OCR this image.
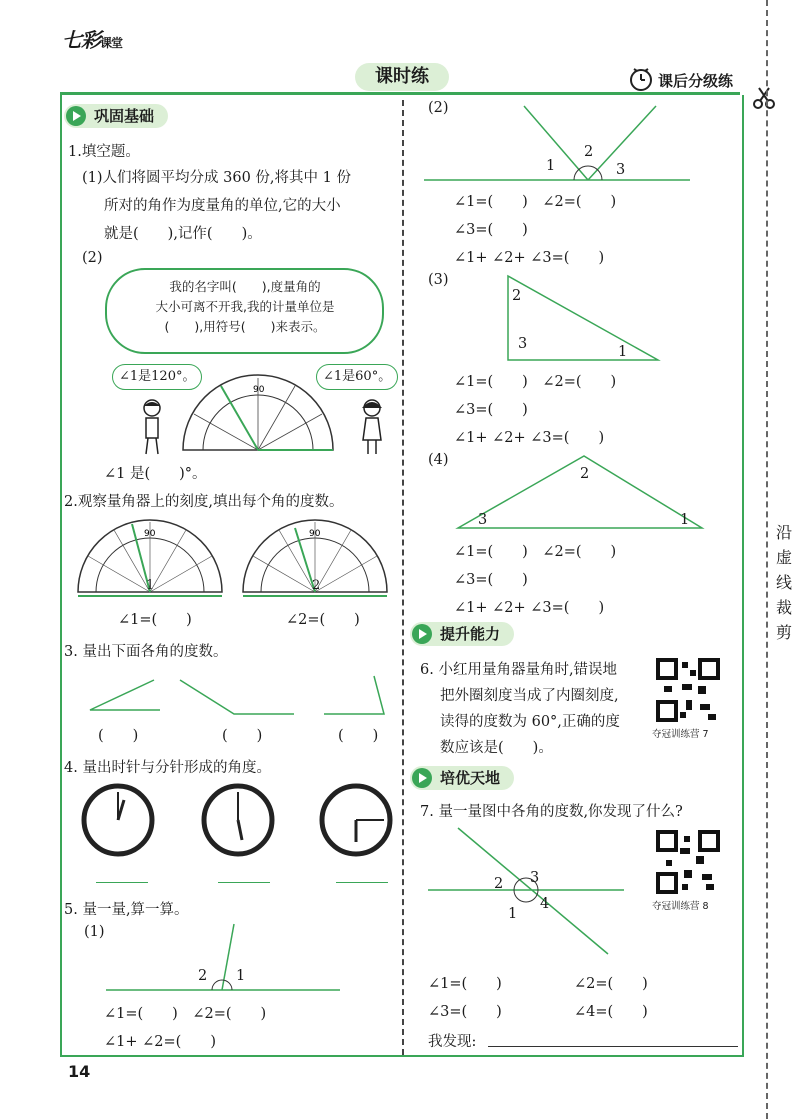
七彩课堂
课时练	课后分级练
沿虚线裁剪
14
巩固基础
1.填空题。
(1)人们将圆平均分成 360 份,将其中 1 份
所对的角作为度量角的单位,它的大小
就是(　　),记作(　　)。
(2)
我的名字叫(　　),度量角的
大小可离不开我,我的计量单位是
(　　),用符号(　　)来表示。
∠1是120°。	∠1是60°。
90
∠1 是(　　)°。
2.观察量角器上的刻度,填出每个角的度数。
90
1
90
2
∠1=(　　)	∠2=(　　)
3. 量出下面各角的度数。
(　　)	(　　)	(　　)
4. 量出时针与分针形成的角度。
5. 量一量,算一算。
(1)
2 1
∠1=(　　)　∠2=(　　)
∠1+ ∠2=(　　)
(2)
1
2
3
∠1=(　　)　∠2=(　　)
∠3=(　　)
∠1+ ∠2+ ∠3=(　　)
(3)
2
3	1
∠1=(　　)　∠2=(　　)
∠3=(　　)
∠1+ ∠2+ ∠3=(　　)
(4)
2
3	1
∠1=(　　)　∠2=(　　)
∠3=(　　)
∠1+ ∠2+ ∠3=(　　)
提升能力
6. 小红用量角器量角时,错误地
把外圈刻度当成了内圈刻度,
读得的度数为 60°,正确的度
数应该是(　　)。
夺冠训练营 7
培优天地
7. 量一量图中各角的度数,你发现了什么?
夺冠训练营 8
2 3
1
4
∠1=(　　)	∠2=(　　)
∠3=(　　)	∠4=(　　)
我发现:
